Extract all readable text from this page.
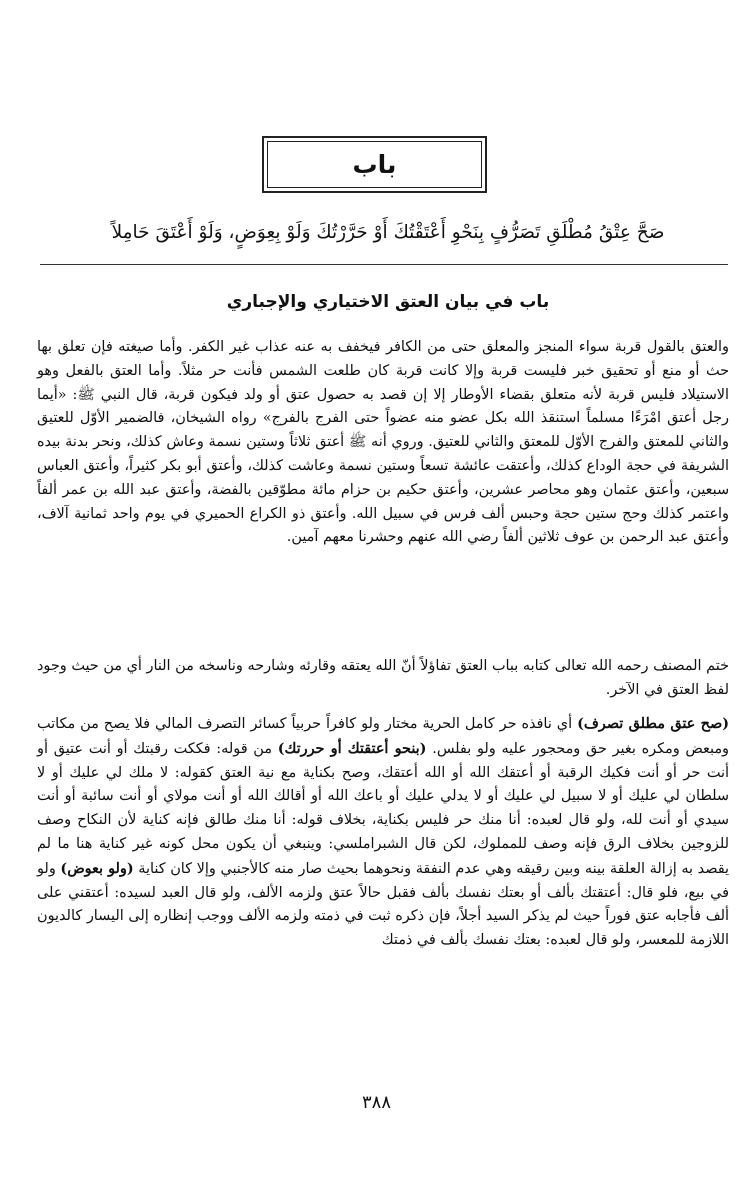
باب
صَحَّ عِتْقُ مُطْلَقِ تَصَرُّفٍ بِنَحْوِ أَعْتَقْتُكَ أَوْ حَرَّرْتُكَ وَلَوْ بِعِوَضٍ، وَلَوْ أَعْتَقَ حَامِلاً
باب في بيان العتق الاختياري والإجباري
والعتق بالقول قربة سواء المنجز والمعلق حتى من الكافر فيخفف به عنه عذاب غير الكفر. وأما صيغته فإن تعلق بها حث أو منع أو تحقيق خبر فليست قربة وإلا كانت قربة كان طلعت الشمس فأنت حر مثلاً. وأما العتق بالفعل وهو الاستيلاد فليس قربة لأنه متعلق بقضاء الأوطار إلا إن قصد به حصول عتق أو ولد فيكون قربة، قال النبي ﷺ: «أيما رجل أعتق امْرَءًا مسلماً استنقذ الله بكل عضو منه عضواً حتى الفرج بالفرج» رواه الشيخان، فالضمير الأوّل للعتيق والثاني للمعتق والفرج الأوّل للمعتق والثاني للعتيق. وروي أنه ﷺ أعتق ثلاثاً وستين نسمة وعاش كذلك، ونحر بدنة بيده الشريفة في حجة الوداع كذلك، وأعتقت عائشة تسعاً وستين نسمة وعاشت كذلك، وأعتق أبو بكر كثيراً، وأعتق العباس سبعين، وأعتق عثمان وهو محاصر عشرين، وأعتق حكيم بن حزام مائة مطوّقين بالفضة، وأعتق عبد الله بن عمر ألفاً واعتمر كذلك وحج ستين حجة وحبس ألف فرس في سبيل الله. وأعتق ذو الكراع الحميري في يوم واحد ثمانية آلاف، وأعتق عبد الرحمن بن عوف ثلاثين ألفاً رضي الله عنهم وحشرنا معهم آمين.
ختم المصنف رحمه الله تعالى كتابه بباب العتق تفاؤلاً أنّ الله يعتقه وقارئه وشارحه وناسخه من النار أي من حيث وجود لفظ العتق في الآخر.
(صح عتق مطلق تصرف) أي نافذه حر كامل الحرية مختار ولو كافراً حربياً كسائر التصرف المالي فلا يصح من مكاتب ومبعض ومكره بغير حق ومحجور عليه ولو بفلس. (بنحو أعتقتك أو حررتك) من قوله: فككت رقبتك أو أنت عتيق أو أنت حر أو أنت فكيك الرقبة أو أعتقك الله أو الله أعتقك، وصح بكناية مع نية العتق كقوله: لا ملك لي عليك أو لا سلطان لي عليك أو لا سبيل لي عليك أو لا يدلي عليك أو باعك الله أو أقالك الله أو أنت مولاي أو أنت سائبة أو أنت سيدي أو أنت لله، ولو قال لعبده: أنا منك حر فليس بكناية، بخلاف قوله: أنا منك طالق فإنه كناية لأن النكاح وصف للزوجين بخلاف الرق فإنه وصف للمملوك، لكن قال الشبراملسي: وينبغي أن يكون محل كونه غير كناية هنا ما لم يقصد به إزالة العلقة بينه وبين رقيقه وهي عدم النفقة ونحوهما بحيث صار منه كالأجنبي وإلا كان كناية (ولو بعوض) ولو في بيع، فلو قال: أعتقتك بألف أو بعتك نفسك بألف فقبل حالاً عتق ولزمه الألف، ولو قال العبد لسيده: أعتقني على ألف فأجابه عتق فوراً حيث لم يذكر السيد أجلاً، فإن ذكره ثبت في ذمته ولزمه الألف ووجب إنظاره إلى اليسار كالديون اللازمة للمعسر، ولو قال لعبده: بعتك نفسك بألف في ذمتك
٣٨٨
